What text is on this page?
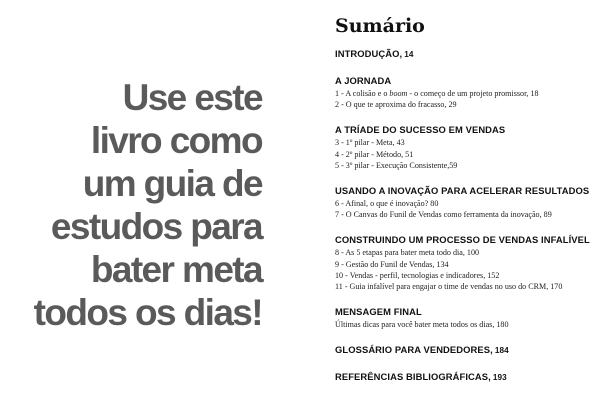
Use este
livro como
um guia de
estudos para
bater meta
todos os dias!
Sumário
INTRODUÇÃO, 14
A JORNADA
1 - A colisão e o boom - o começo de um projeto promissor, 18
2 - O que te aproxima do fracasso, 29
A TRÍADE DO SUCESSO EM VENDAS
3 - 1º pilar - Meta, 43
4 - 2º pilar - Método, 51
5 - 3º pilar - Execução Consistente,59
USANDO A INOVAÇÃO PARA ACELERAR RESULTADOS
6 - Afinal, o que é inovação? 80
7 - O Canvas do Funil de Vendas como ferramenta da inovação, 89
CONSTRUINDO UM PROCESSO DE VENDAS INFALÍVEL
8 - As 5 etapas para bater meta todo dia, 100
9 - Gestão do Funil de Vendas, 134
10 - Vendas - perfil, tecnologias e indicadores, 152
11 - Guia infalível para engajar o time de vendas no uso do CRM, 170
MENSAGEM FINAL
Últimas dicas para você bater meta todos os dias, 180
GLOSSÁRIO PARA VENDEDORES, 184
REFERÊNCIAS BIBLIOGRÁFICAS, 193
